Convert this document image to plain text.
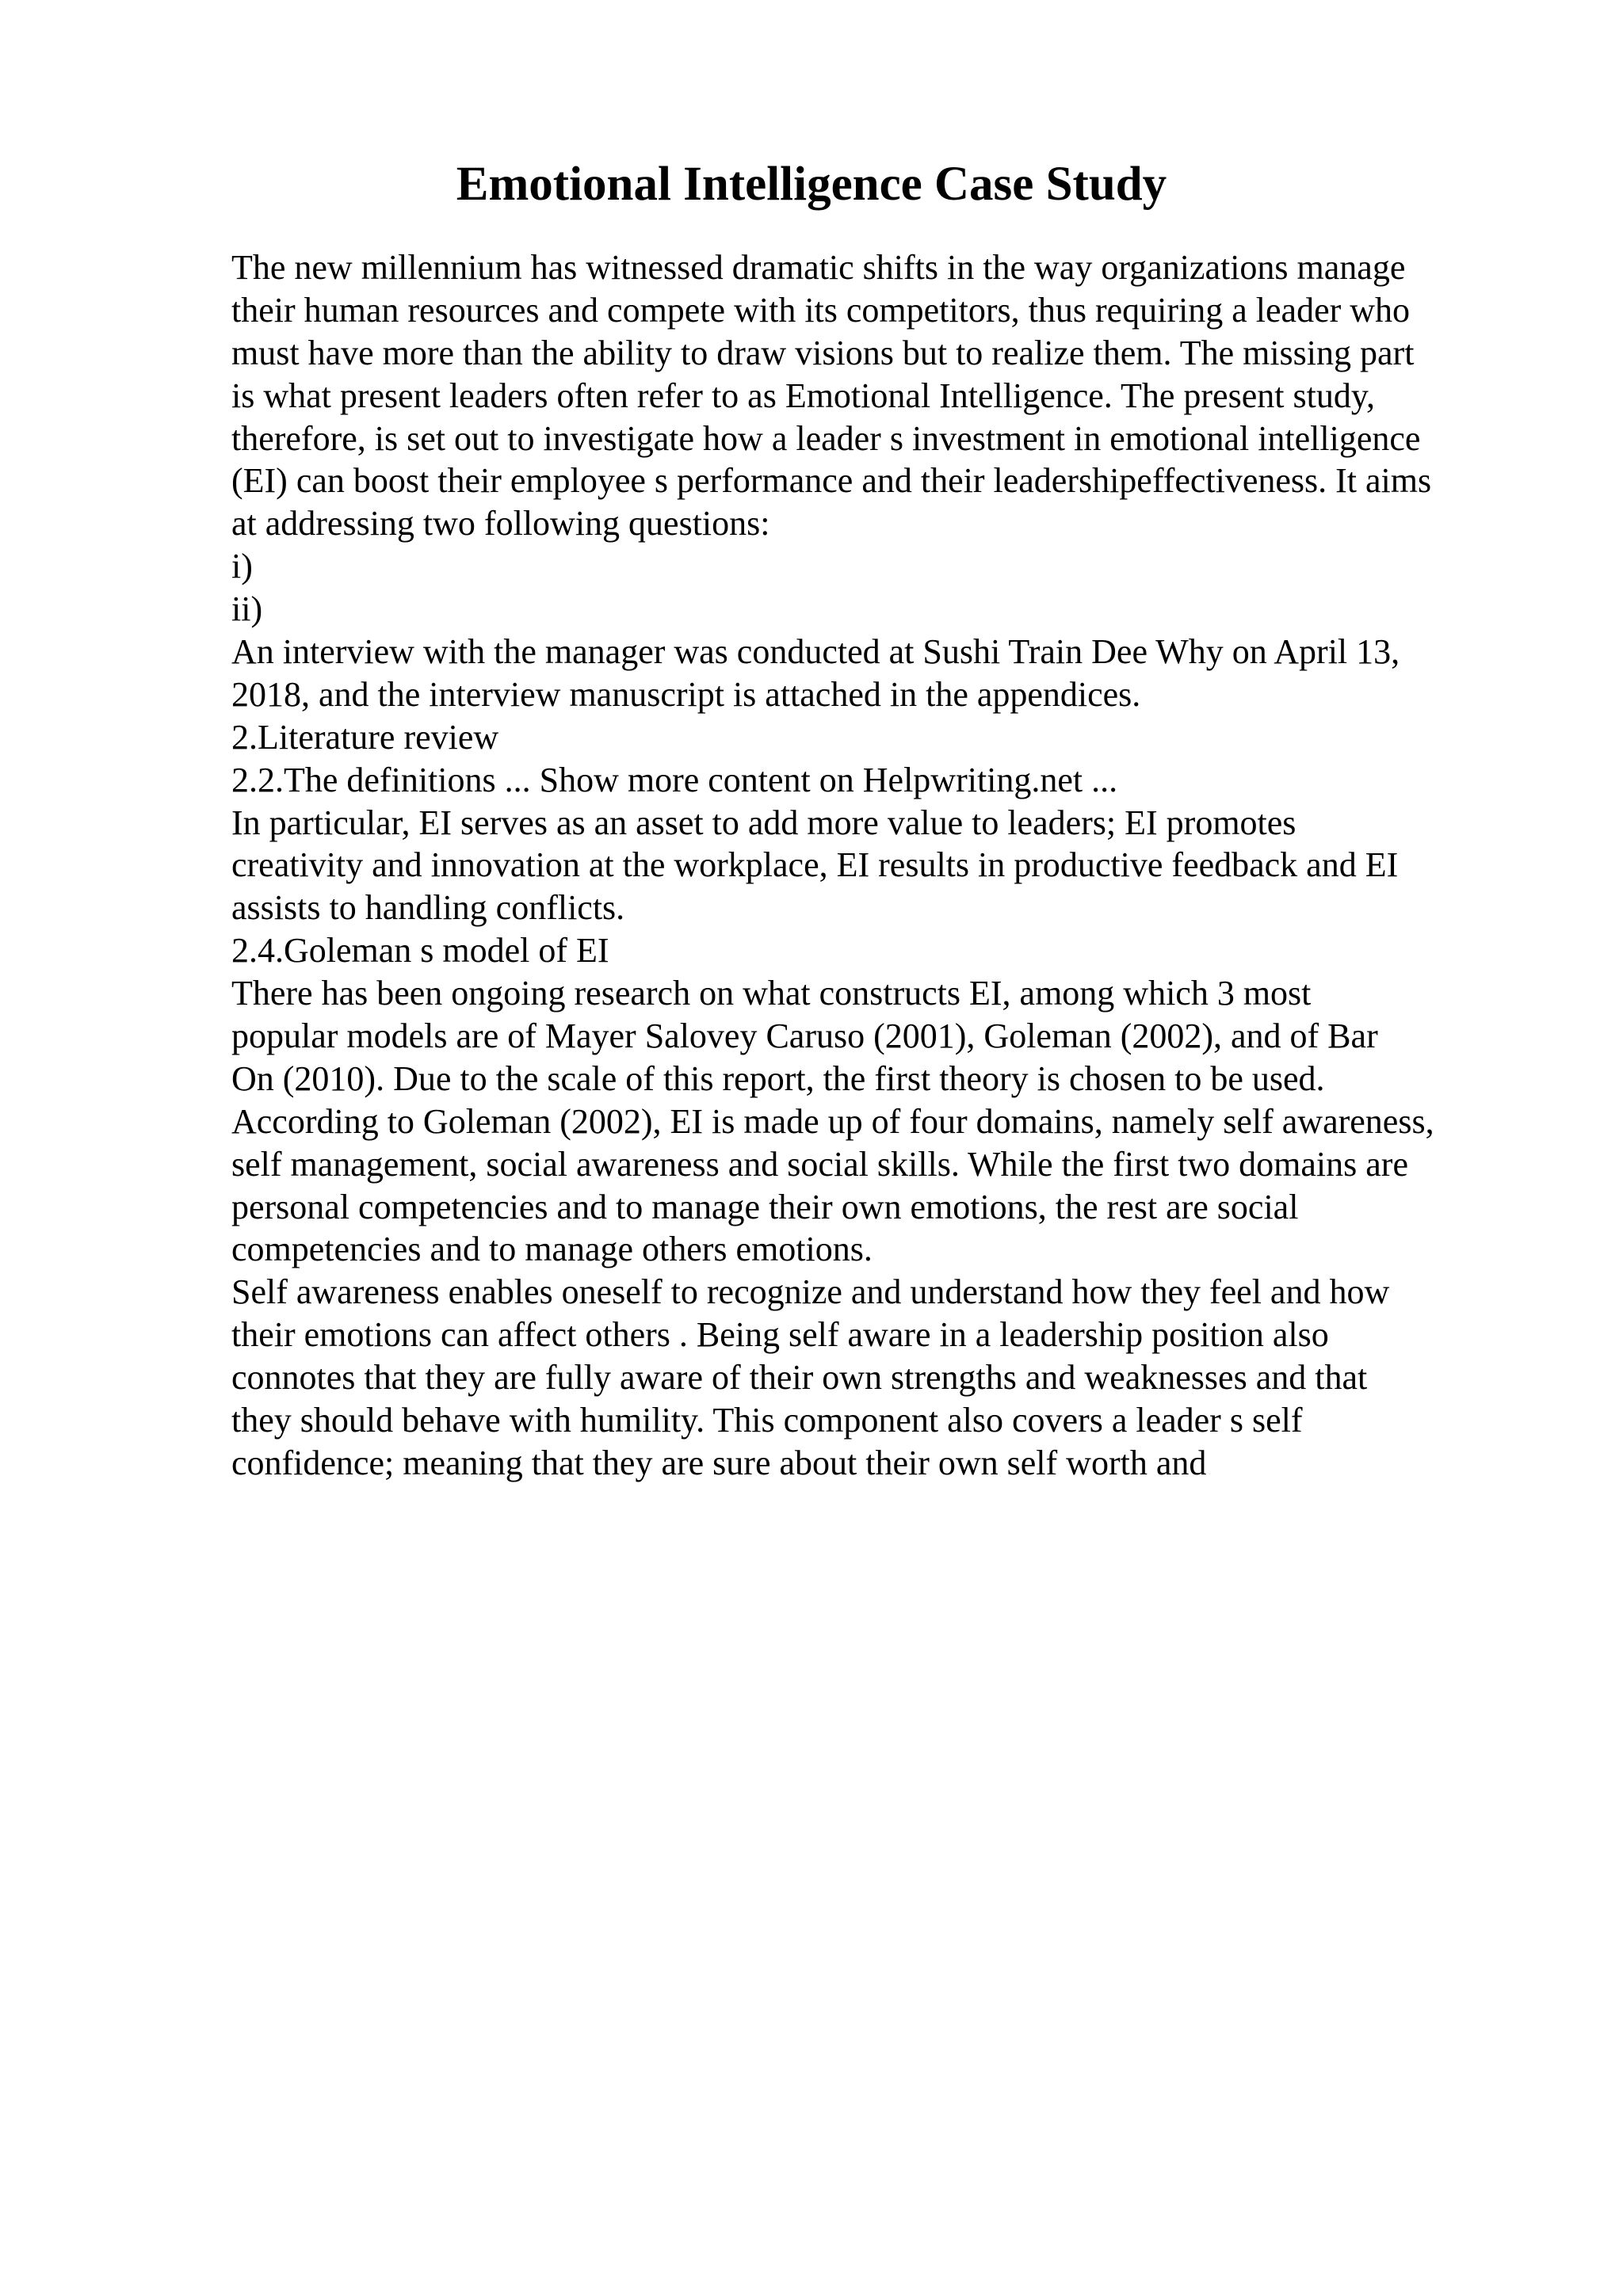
Emotional Intelligence Case Study
The new millennium has witnessed dramatic shifts in the way organizations manage
their human resources and compete with its competitors, thus requiring a leader who
must have more than the ability to draw visions but to realize them. The missing part
is what present leaders often refer to as Emotional Intelligence. The present study,
therefore, is set out to investigate how a leader s investment in emotional intelligence
(EI) can boost their employee s performance and their leadershipeffectiveness. It aims
at addressing two following questions:
i)
ii)
An interview with the manager was conducted at Sushi Train Dee Why on April 13,
2018, and the interview manuscript is attached in the appendices.
2.Literature review
2.2.The definitions ... Show more content on Helpwriting.net ...
In particular, EI serves as an asset to add more value to leaders; EI promotes
creativity and innovation at the workplace, EI results in productive feedback and EI
assists to handling conflicts.
2.4.Goleman s model of EI
There has been ongoing research on what constructs EI, among which 3 most
popular models are of Mayer Salovey Caruso (2001), Goleman (2002), and of Bar
On (2010). Due to the scale of this report, the first theory is chosen to be used.
According to Goleman (2002), EI is made up of four domains, namely self awareness,
self management, social awareness and social skills. While the first two domains are
personal competencies and to manage their own emotions, the rest are social
competencies and to manage others emotions.
Self awareness enables oneself to recognize and understand how they feel and how
their emotions can affect others . Being self aware in a leadership position also
connotes that they are fully aware of their own strengths and weaknesses and that
they should behave with humility. This component also covers a leader s self
confidence; meaning that they are sure about their own self worth and
